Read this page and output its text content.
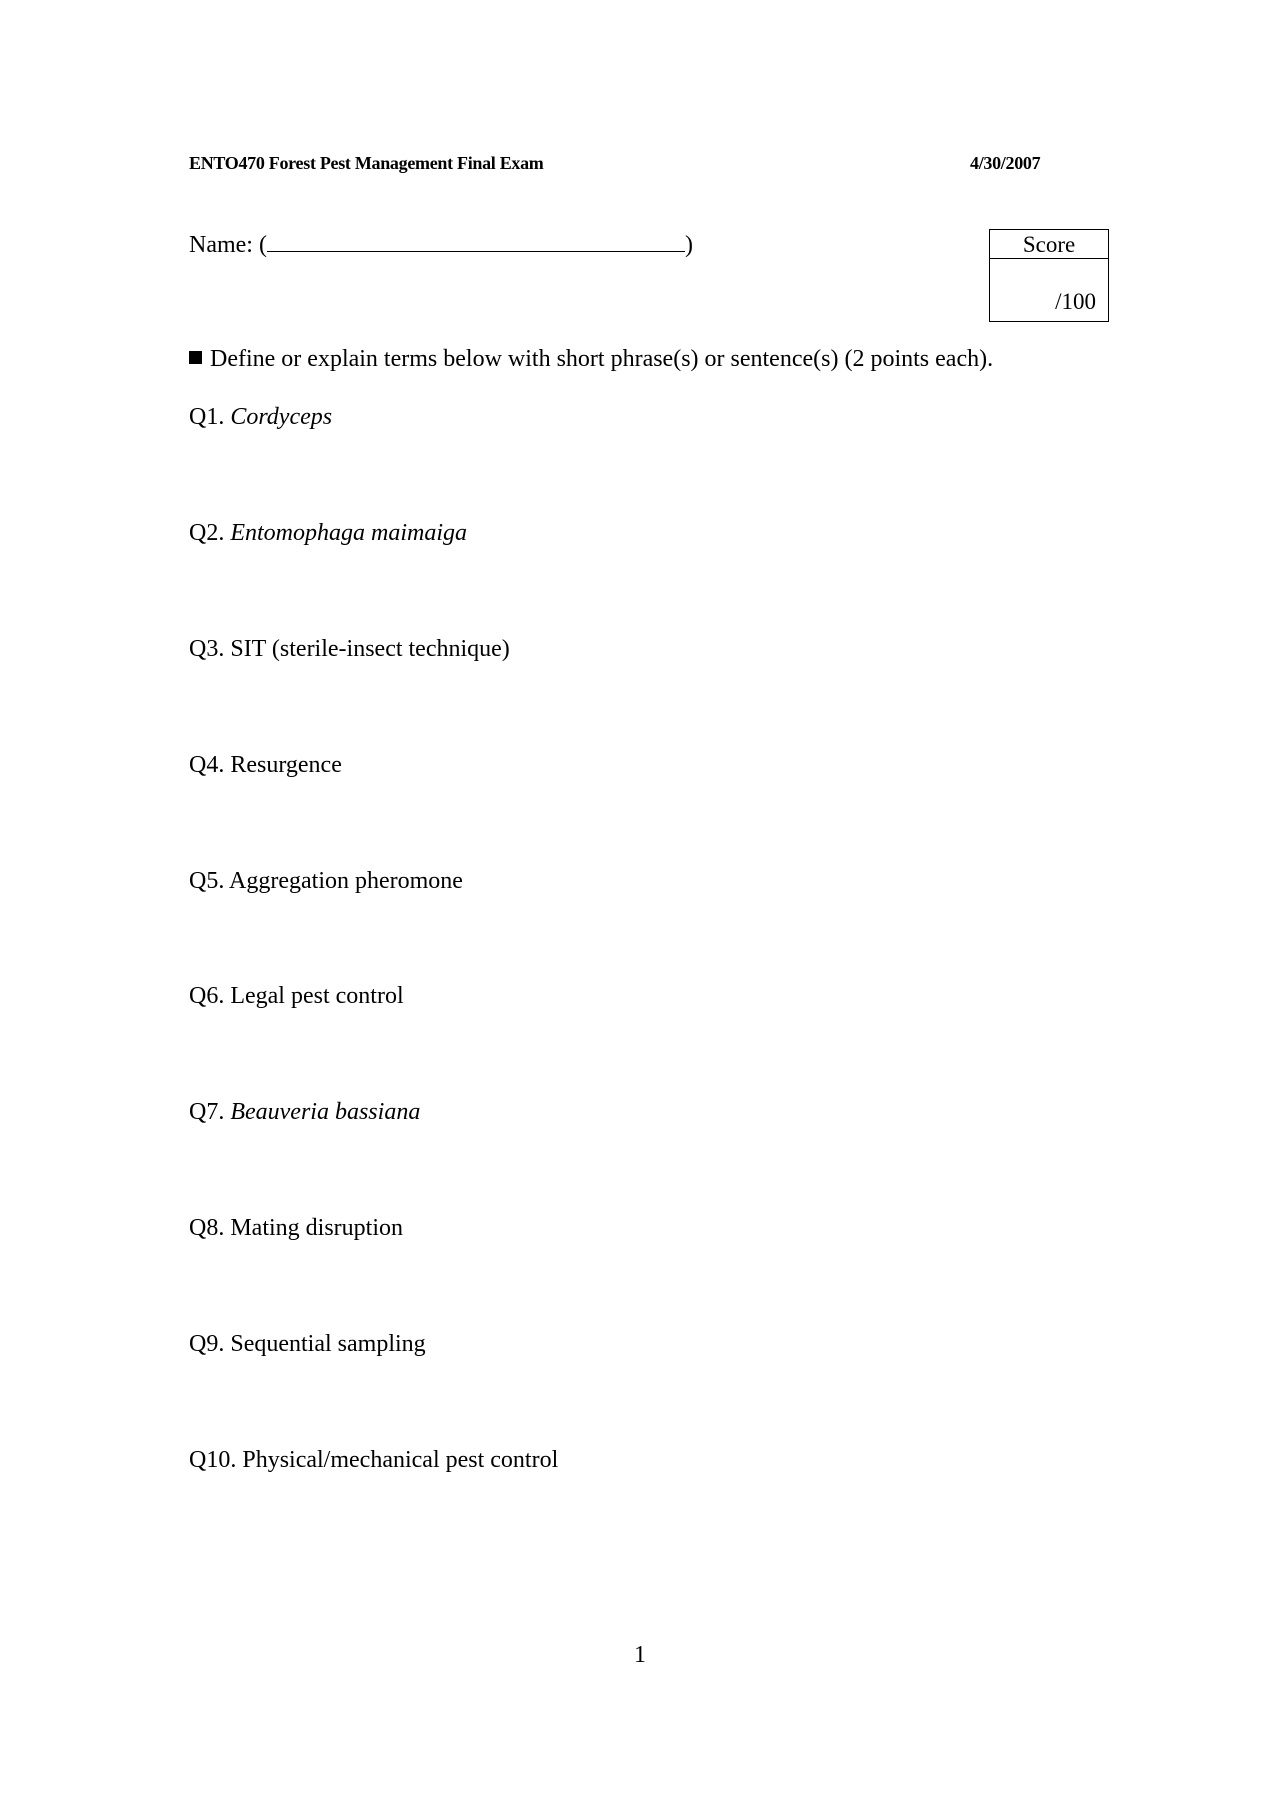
ENTO470 Forest Pest Management Final Exam	4/30/2007
Name: (	)	Score
/100
Define or explain terms below with short phrase(s) or sentence(s) (2 points each).
Q1. Cordyceps
Q2. Entomophaga maimaiga
Q3. SIT (sterile-insect technique)
Q4. Resurgence
Q5. Aggregation pheromone
Q6. Legal pest control
Q7. Beauveria bassiana
Q8. Mating disruption
Q9. Sequential sampling
Q10. Physical/mechanical pest control
1
